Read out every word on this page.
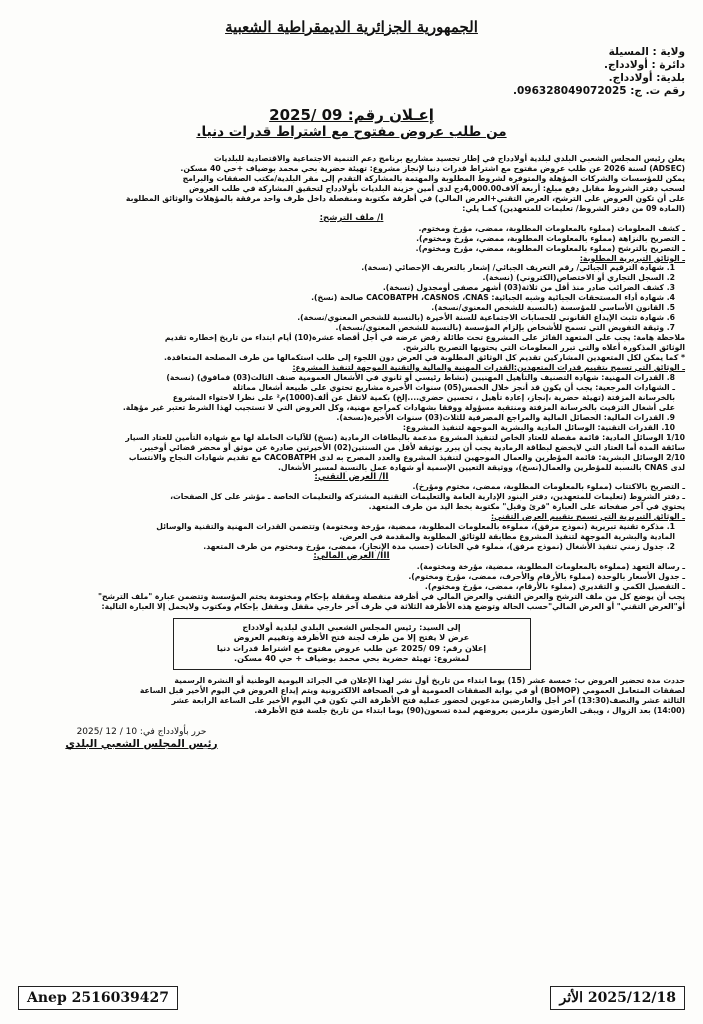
الجمهورية الجزائرية الديمقراطية الشعبية
ولاية : المسيلة
دائرة : أولادداج.
بلدية: أولادداج.
رقم ت. ج: 096328049072025.
إعـلان رقم: 09 /2025
من طلب عروض مفتوح مع اشتراط قدرات دنيا.

يعلن رئيس المجلس الشعبي البلدي لبلدية أولادداج في إطار تجسيد مشاريع برنامج دعم التنمية الاجتماعية والاقتصادية للبلديات

(ADSEC) لسنة 2026 عن طلب عروض مفتوح مع اشتراط قدرات دنيا لإنجاز مشروع: تهيئة حضرية بحي محمد بوضياف +حي 40 مسكن.

يمكن للمؤسسات والشركات المؤهلة والمتوفرة لشروط المطلوبة والمهتمة بالمشاركة التقدم إلى مقر البلدية/مكتب الصفقات والبرامج

لسحب دفتر الشروط مقابل دفع مبلغ: أربعة آلاف4,000.00دج لدى أمين خزينة البلديات بأولادداج لتحقيق المشاركة في طلب العروض

على أن تكون العروض على الترشح، العرض التقني+العرض المالي) في أظرفة مكتوبة ومنفصلة داخل ظرف واحد مرفقة بالمؤهلات والوثائق المطلوبة

(المادة 09 من دفتر الشروط/ تعليمات للمتعهدين) كمـا يلي:

I/ ملف الترشح:

ـ كشف المعلومات (مملوء بالمعلومات المطلوبة، ممضى، مؤرخ ومختوم.

ـ التصريح بالنزاهة (مملوء بالمعلومات المطلوبة، ممضي، مؤرخ ومختوم).

ـ التصريح بالترشح (مملوء بالمعلومات المطلوبة، ممضي، مؤرخ ومختوم).

ـ الوثائق التبريرية المطلوبة:

1. شهادة الترقيم الجبائي/ رقم التعريف الجبائي/ إشعار بالتعريف الإحصائي (نسخة).

2. السجل التجاري أو الاختصاص(الكتروني) (نسخة).

3. كشف الضرائب صادر منذ أقل من ثلاثة(03) أشهر مصفى أومجدول (نسخة).

4. شهادة أداء المستحقات الجبائية وشبه الجبائية: CACOBATPH ،CASNOS ،CNAS صالحة (نسخ).

5. القانون الأساسي للمؤسسة (بالنسبة للشخص المعنوي/نسخة).

6. شهادة تثبت الإيداع القانوني للحسابات الاجتماعية للسنة الأخيرة (بالنسبة للشخص المعنوي/نسخة).

7. وثيقة التفويض التي تسمح للأشخاص بإلزام المؤسسة (بالنسبة للشخص المعنوي/نسخة).

ملاحظة هامة: يجب على المتعهد الفائز على المشروع تحت طائلة رفض عرضه في أجل أقصاه عشرة(10) أيام ابتداء من تاريخ إخطاره تقديم

الوثائق المذكورة أعلاه والتي تبرر المعلومات التي يحتويها التصريح بالترشح.

* كما يمكن لكل المتعهدين المشاركين تقديم كل الوثائق المطلوبة في العرض دون اللجوء إلى طلب استكمالها من طرف المصلحة المتعاقدة.

ـ الوثائق التي تسمح بتقييم قدرات المتعهدين:القدرات المهنية والمالية والتقنية الموجهة لتنفيذ المشروع:

8. القدرات المهنية: شهادة التصنيف والتأهيل المهنيين (نشاط رئيسي أو ثانوي في الأشغال العمومية صنف الثالث(03) فمافوق) (نسخة)

ـ الشهادات المرجعية: يجب أن يكون قد أنجز خلال الخمس(05) سنوات الأخيرة مشاريع تحتوي على طبيعة أشغال مماثلة

بالخرسانة المزفتة (تهيئة حضرية ،إنجاز، إعادة تأهيل ، تحسين حضري....إلخ) بكمية لاتقل عن ألف(1000)م² على نظرا لاحتواء المشروع

على أشغال التزفيت بالخرسانة المزفتة ومنتقبة مسؤولة ووفقا بشهادات كمراجع مهنية، وكل العروض التي لا تستجيب لهذا الشرط تعتبر غير مؤهلة.

9. القدرات المالية: الحصائل المالية والمراجع المصرفية للثلاث(03) سنوات الأخيرة(نسخة).

10. القدرات التقنية: الوسائل المادية والبشرية الموجهة لتنفيذ المشروع:

1/10 الوسائل المادية: قائمة مفصلة للعتاد الخاص لتنفيذ المشروع مدعمة بالبطاقات الرمادية (نسخ) للآليات الحاملة لها مع شهادة التأمين للعتاد السيار

سائقة المدة أما العتاد التي لايخضع لبطاقة الرمادية يجب أن يبرر بوثيقة لأقل من السنتين(02) الأخيرتين صادرة عن موثق أو محضر قضائي أوخبير.

2/10 الوسائل البشرية: قائمة المؤطرين والعمال الموجهين لتنفيذ المشروع والعدد المصرح به لدى CACOBATPH مع تقديم شهادات النجاح والانتساب

لدى CNAS بالنسبة للمؤطرين والعمال(نسخ)، ووثيقة التعيين الإسمية أو شهادة عمل بالنسبة لمسير الأشغال.

II/ العرض التقني:

ـ التصريح بالاكتتاب (مملوء بالمعلومات المطلوبة، ممضى، مختوم ومؤرخ).

ـ دفتر الشروط (تعليمات للمتعهدين، دفتر البنود الإدارية العامة والتعليمات التقنية المشتركة والتعليمات الخاصة ـ مؤشر على كل الصفحات،

يحتوي في آخر صفحاته على العبارة "قرئ وقبل" مكتوبة بخط اليد من طرف المتعهد.

ـ الوثائق التبريرية التي تسمح بتقييم العرض التقني:

1. مذكرة تقنية تبريرية (نموذج مرفق)، مملوءة بالمعلومات المطلوبة، ممضية، مؤرخة ومختومة) وتتضمن القدرات المهنية والتقنية والوسائل

المادية والبشرية الموجهة لتنفيذ المشروع مطابقة للوثائق المطلوبة والمقدمة في العرض.

2. جدول زمني تنفيذ الأشغال (نموذج مرفق)، مملوء في الخانات (حسب مدة الإنجاز)، ممضى، مؤرخ ومختوم من طرف المتعهد.

III/ العرض المالي:

ـ رسالة التعهد (مملوءة بالمعلومات المطلوبة، ممضية، مؤرخة ومختومة).

ـ جدول الأسعار بالوحدة (مملوء بالأرقام والأحرف، ممضى، مؤرخ ومختوم).

ـ التفصيل الكمي و التقديري (مملوء بالأرقام، ممضى، مؤرخ ومختوم).

يجب أن يوضع كل من ملف الترشح والعرض التقني والعرض المالي في أظرفة منفصلة ومقفلة بإحكام ومختومة يختم المؤسسة وتتضمن عبارة "ملف الترشح"

أو"العرض التقني" أو العرض المالي"حسب الحالة وتوضع هذه الأظرفة الثلاثة في ظرف آخر خارجي مقفل ومقفل بإحكام ومكتوب ولايحمل إلا العبارة التالية:

إلى السيد: رئيس المجلس الشعبي البلدي لبلدية أولادداج
عرض لا يفتح إلا من طرف لجنة فتح الأظرفة وتقييم العروض
إعلان رقم: 09 /2025 عن طلب عروض مفتوح مع اشتراط قدرات دنيا
لمشروع: تهيئة حضرية بحي محمد بوضياف + حي 40 مسكن.

حددت مدة تحضير العروض ب: خمسة عشر (15) يوما ابتداء من تاريخ أول نشر لهذا الإعلان في الجرائد اليومية الوطنية أو النشرة الرسمية

لصفقات المتعامل العمومي (BOMOP) أو في بوابة الصفقات العمومية أو في الصحافة الالكترونية ويتم إيداع العروض في اليوم الأخير قبل الساعة

الثالثة عشر والنصف(13:30) آخر أجل والعارضين مدعوين لحضور عملية فتح الأظرفة التي تكون في اليوم الأخير على الساعة الرابعة عشر

(14:00) بعد الزوال ، ويبقى العارضون ملزمين بعروضهم لمدة تسعون(90) يوما ابتداء من تاريخ جلسة فتح الأظرفة.

حرر بأولادداج في: 10 / 12 /2025
رئيس المجلس الشعبي البلدي
Anep 2516039427	2025/12/18 الأثر
